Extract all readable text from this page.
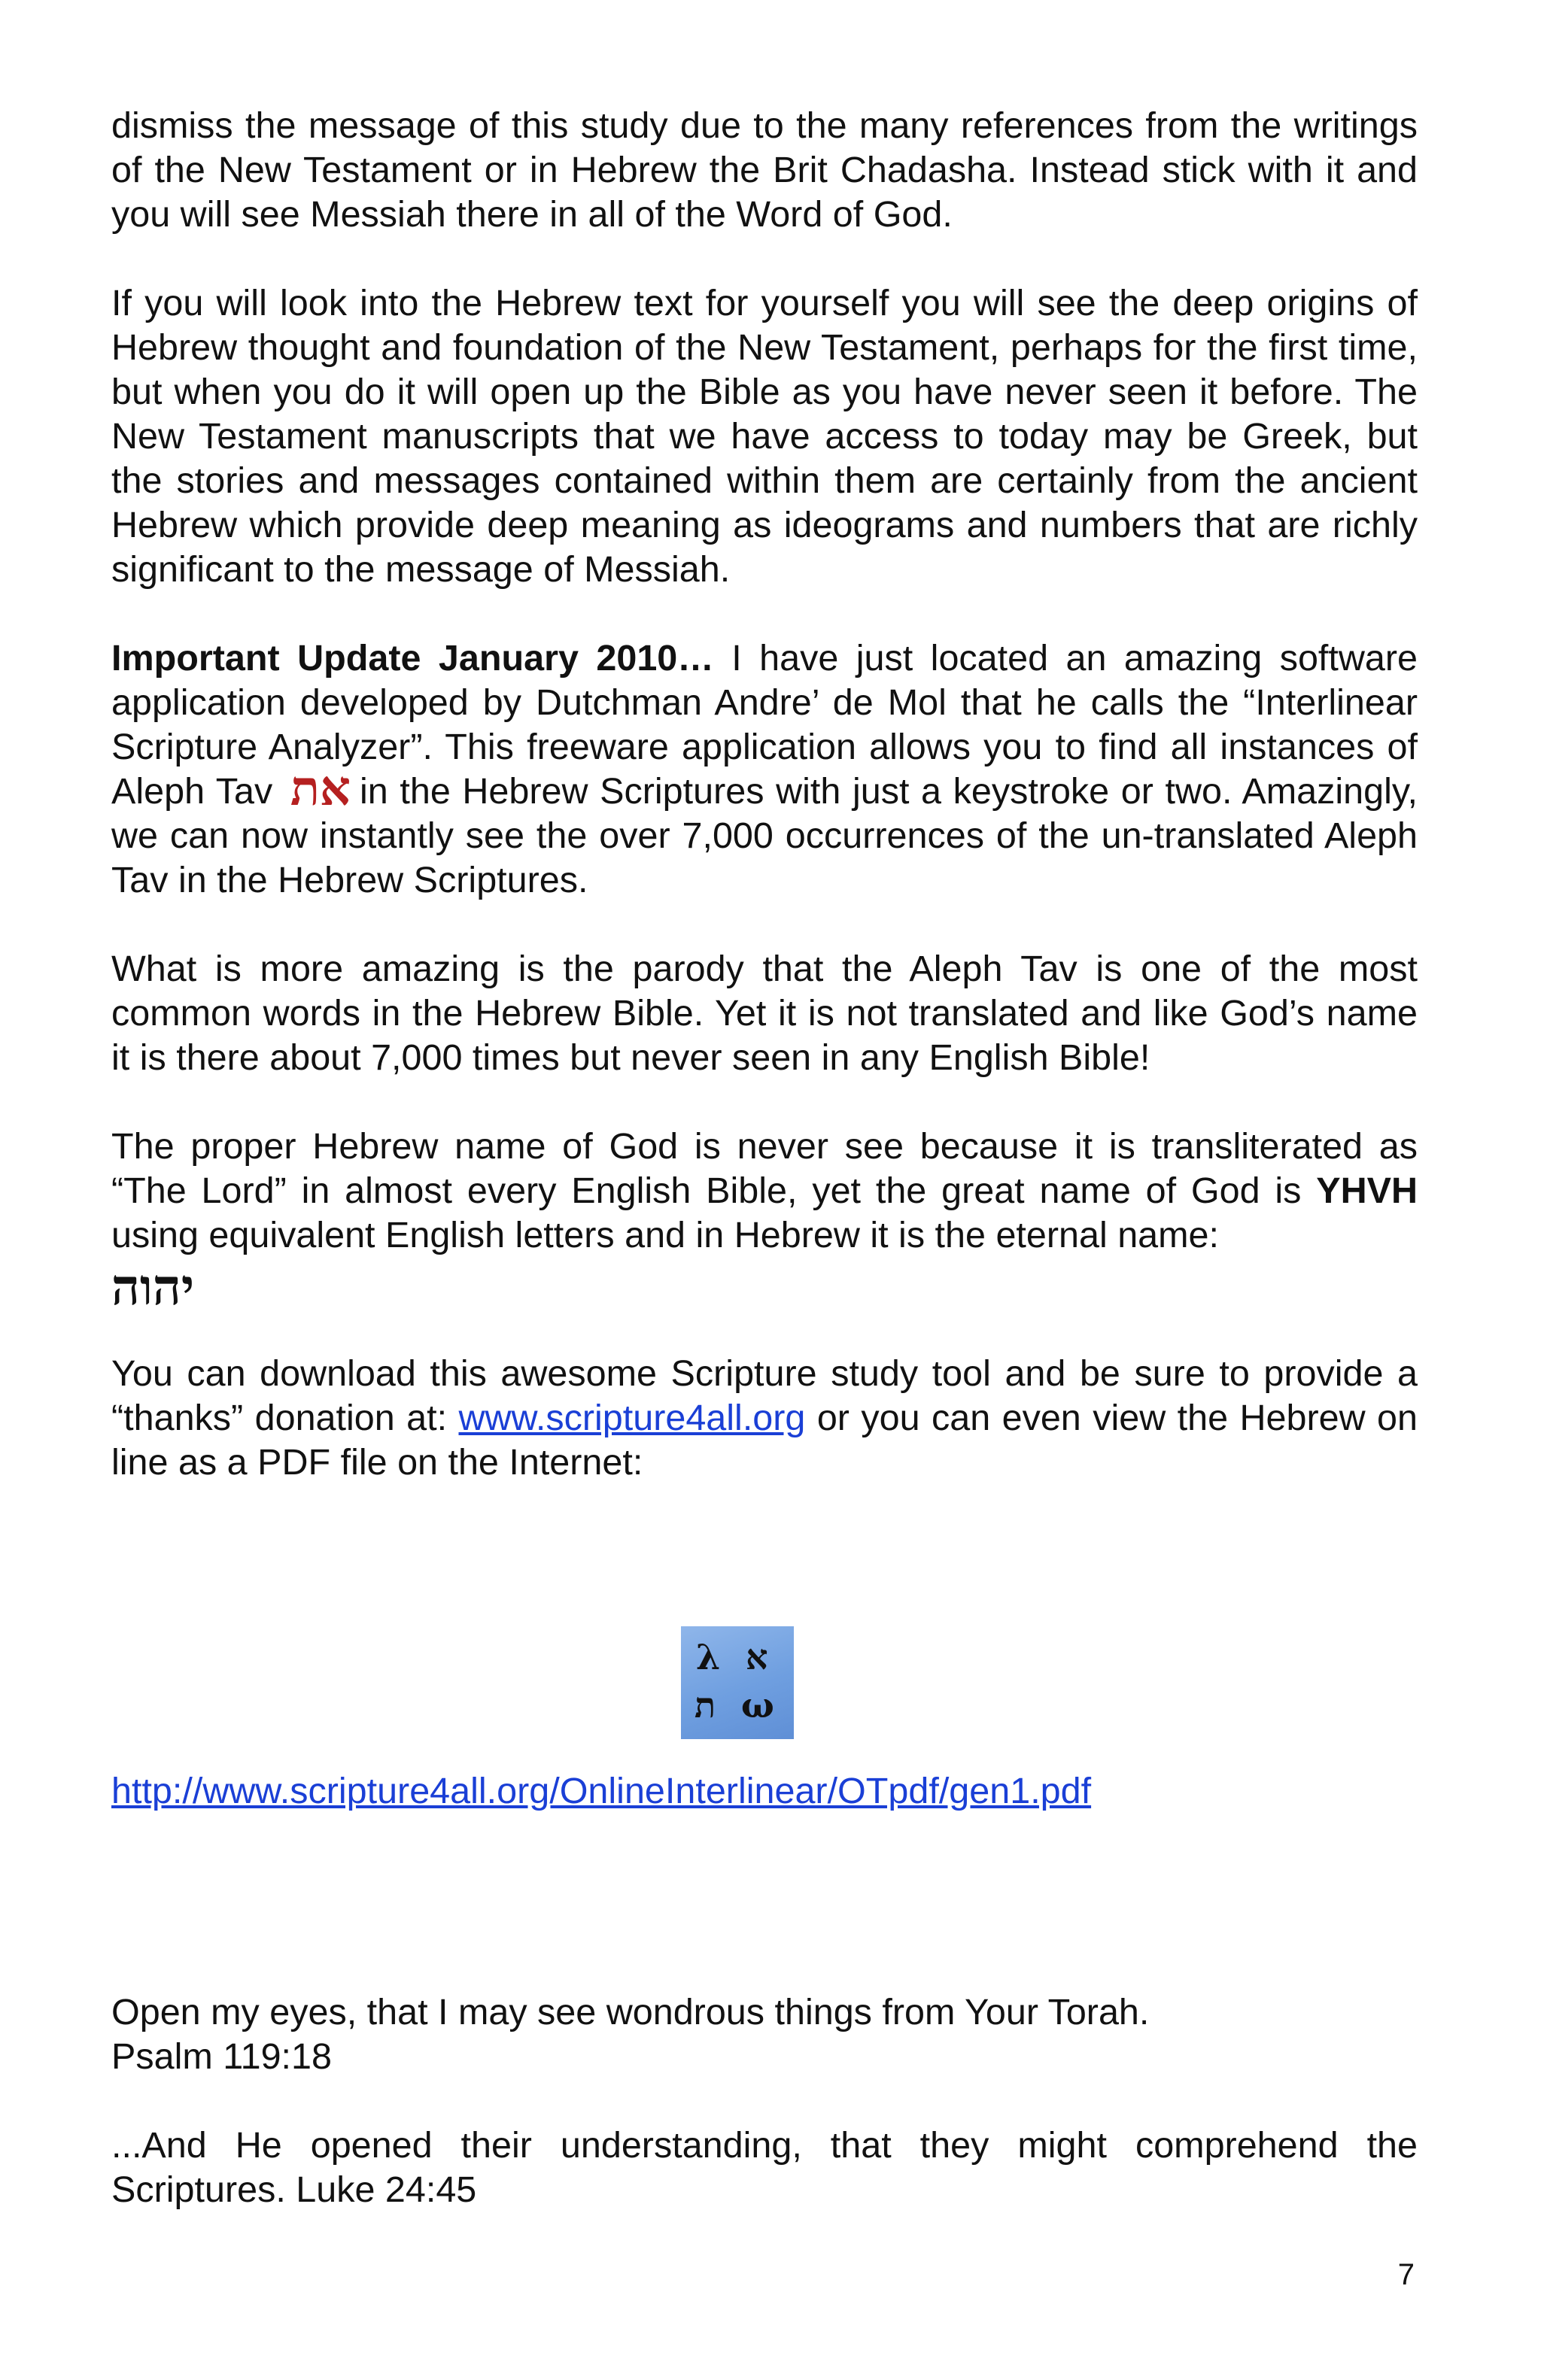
dismiss the message of this study due to the many references from the writings of the New Testament or in Hebrew the Brit Chadasha. Instead stick with it and you will see Messiah there in all of the Word of God.

If you will look into the Hebrew text for yourself you will see the deep origins of Hebrew thought and foundation of the New Testament, perhaps for the first time, but when you do it will open up the Bible as you have never seen it before. The New Testament manuscripts that we have access to today may be Greek, but the stories and messages contained within them are certainly from the ancient Hebrew which provide deep meaning as ideograms and numbers that are richly significant to the message of Messiah.

Important Update January 2010… I have just located an amazing software application developed by Dutchman Andre’ de Mol that he calls the “Interlinear Scripture Analyzer”. This freeware application allows you to find all instances of Aleph Tav את in the Hebrew Scriptures with just a keystroke or two. Amazingly, we can now instantly see the over 7,000 occurrences of the un-translated Aleph Tav in the Hebrew Scriptures.

What is more amazing is the parody that the Aleph Tav is one of the most common words in the Hebrew Bible. Yet it is not translated and like God’s name it is there about 7,000 times but never seen in any English Bible!

The proper Hebrew name of God is never see because it is transliterated as “The Lord” in almost every English Bible, yet the great name of God is YHVH using equivalent English letters and in Hebrew it is the eternal name:
יהוה

You can download this awesome Scripture study tool and be sure to provide a “thanks” donation at: www.scripture4all.org or you can even view the Hebrew on line as a PDF file on the Internet:

λ א
ת ω
http://www.scripture4all.org/OnlineInterlinear/OTpdf/gen1.pdf

Open my eyes, that I may see wondrous things from Your Torah.

Psalm 119:18

...And He opened their understanding, that they might comprehend the Scriptures. Luke 24:45

7
